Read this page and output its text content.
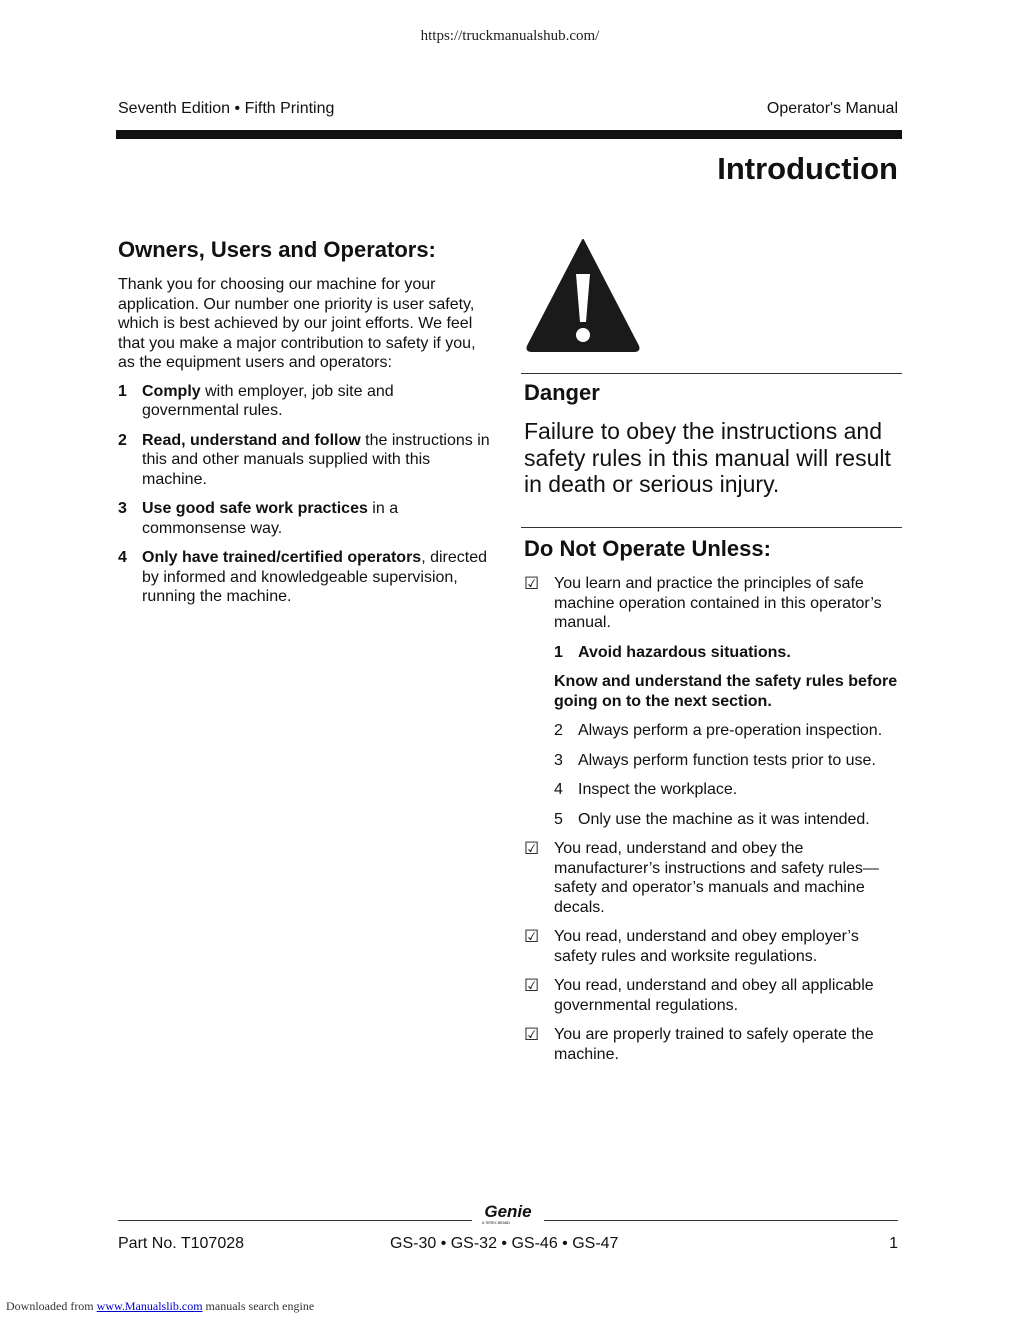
https://truckmanualshub.com/
Seventh Edition • Fifth Printing	Operator's Manual
Introduction
Owners, Users and Operators:
Thank you for choosing our machine for your application. Our number one priority is user safety, which is best achieved by our joint efforts. We feel that you make a major contribution to safety if you, as the equipment users and operators:
1 Comply with employer, job site and governmental rules.
2 Read, understand and follow the instructions in this and other manuals supplied with this machine.
3 Use good safe work practices in a commonsense way.
4 Only have trained/certified operators, directed by informed and knowledgeable supervision, running the machine.
Danger
Failure to obey the instructions and safety rules in this manual will result in death or serious injury.
Do Not Operate Unless:
☑ You learn and practice the principles of safe machine operation contained in this operator’s manual.
1 Avoid hazardous situations.
Know and understand the safety rules before going on to the next section.
2 Always perform a pre-operation inspection.
3 Always perform function tests prior to use.
4 Inspect the workplace.
5 Only use the machine as it was intended.
☑ You read, understand and obey the manufacturer’s instructions and safety rules—safety and operator’s manuals and machine decals.
☑ You read, understand and obey employer’s safety rules and worksite regulations.
☑ You read, understand and obey all applicable governmental regulations.
☑ You are properly trained to safely operate the machine.
Genie
A TEREX BRAND
Part No. T107028	GS-30 • GS-32 • GS-46 • GS-47	1
Downloaded from www.Manualslib.com manuals search engine
